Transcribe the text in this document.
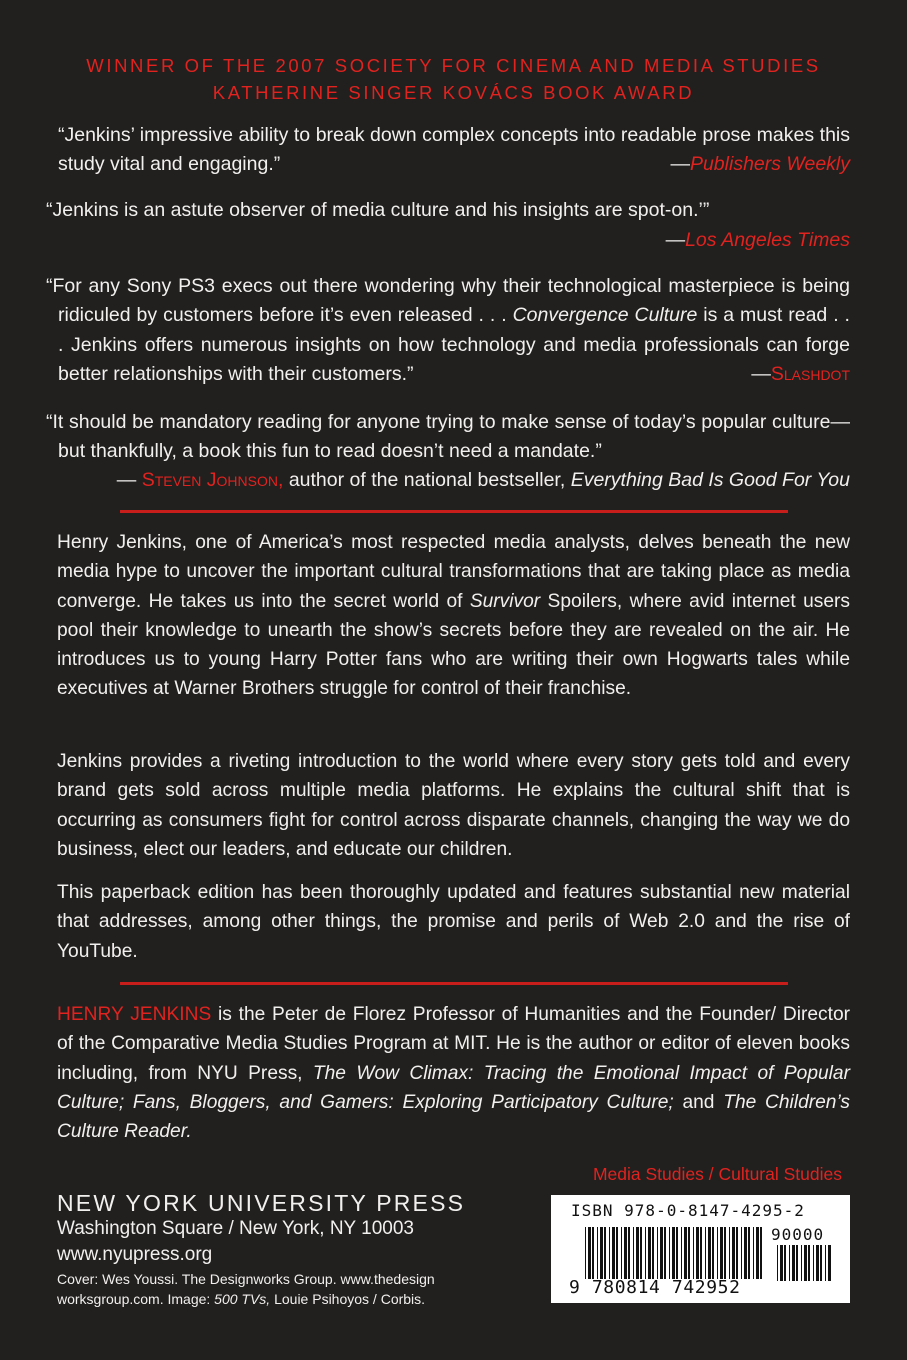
WINNER OF THE 2007 SOCIETY FOR CINEMA AND MEDIA STUDIES
KATHERINE SINGER KOVÁCS BOOK AWARD
“Jenkins’ impressive ability to break down complex concepts into readable prose makes this study vital and engaging.”	—Publishers Weekly
“Jenkins is an astute observer of media culture and his insights are spot-on.’”
—Los Angeles Times
“For any Sony PS3 execs out there wondering why their technological masterpiece is being ridiculed by customers before it’s even released . . . Convergence Culture is a must read . . . Jenkins offers numerous insights on how technology and media professionals can forge better relationships with their customers.”	—Slashdot
“It should be mandatory reading for anyone trying to make sense of today’s popular culture—but thankfully, a book this fun to read doesn’t need a mandate.”
— Steven Johnson, author of the national bestseller, Everything Bad Is Good For You
Henry Jenkins, one of America’s most respected media analysts, delves beneath the new media hype to uncover the important cultural transformations that are taking place as media converge. He takes us into the secret world of Survivor Spoilers, where avid internet users pool their knowledge to unearth the show’s secrets before they are revealed on the air. He introduces us to young Harry Potter fans who are writing their own Hogwarts tales while executives at Warner Brothers struggle for control of their franchise.
Jenkins provides a riveting introduction to the world where every story gets told and every brand gets sold across multiple media platforms. He explains the cultural shift that is occurring as consumers fight for control across disparate channels, changing the way we do business, elect our leaders, and educate our children.
This paperback edition has been thoroughly updated and features substantial new material that addresses, among other things, the promise and perils of Web 2.0 and the rise of YouTube.
HENRY JENKINS is the Peter de Florez Professor of Humanities and the Founder/ Director of the Comparative Media Studies Program at MIT. He is the author or editor of eleven books including, from NYU Press, The Wow Climax: Tracing the Emotional Impact of Popular Culture; Fans, Bloggers, and Gamers: Exploring Participatory Culture; and The Children’s Culture Reader.
Media Studies / Cultural Studies
NEW YORK UNIVERSITY PRESS
Washington Square / New York, NY 10003
www.nyupress.org
Cover: Wes Youssi. The Designworks Group. www.thedesign worksgroup.com. Image: 500 TVs, Louie Psihoyos / Corbis.
ISBN 978-0-8147-4295-2
90000
9 780814 742952
